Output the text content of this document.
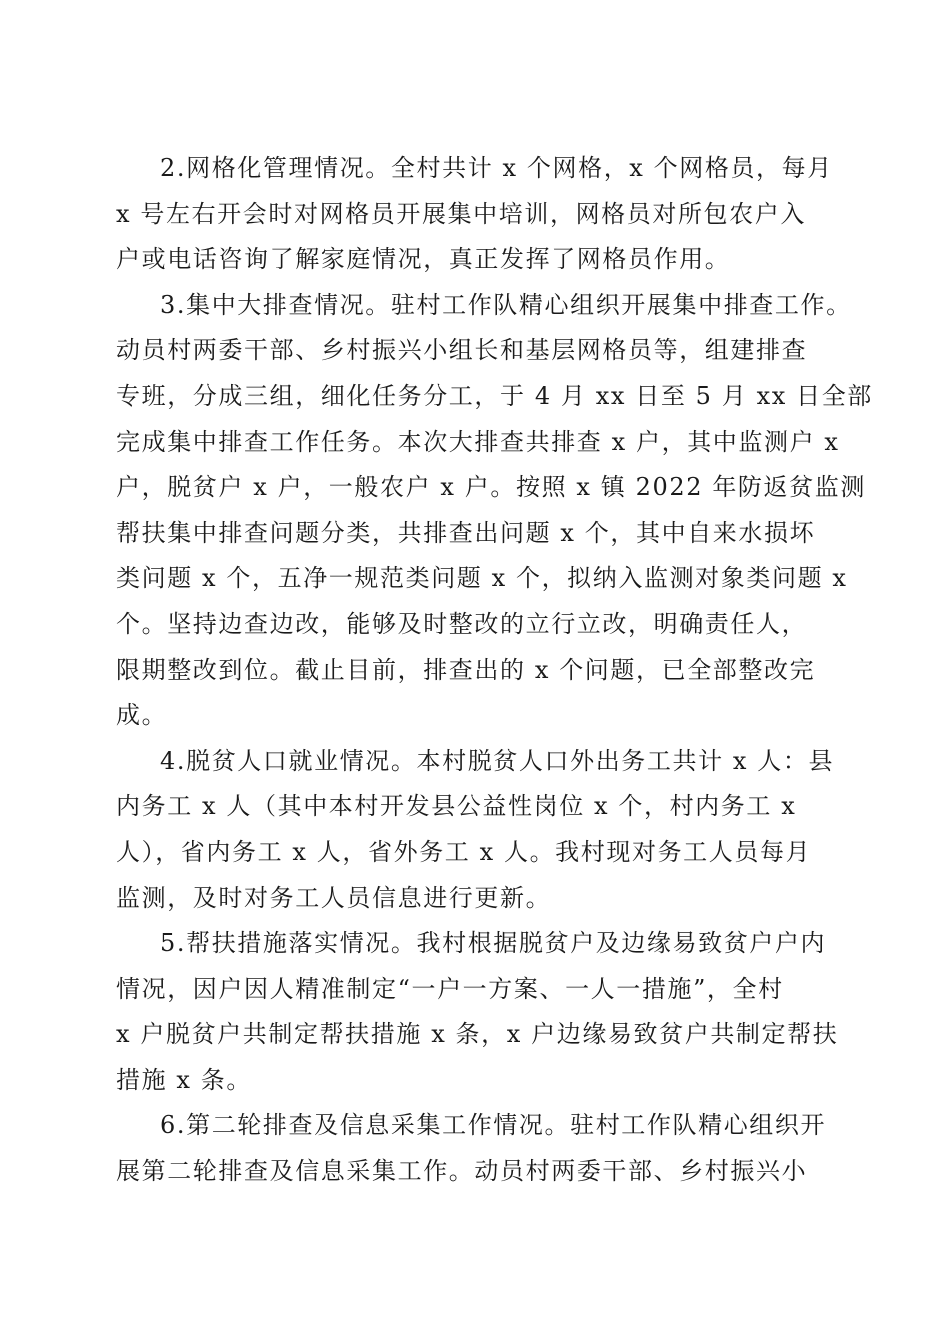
2.网格化管理情况。全村共计 x 个网格，x 个网格员，每月
x 号左右开会时对网格员开展集中培训，网格员对所包农户入
户或电话咨询了解家庭情况，真正发挥了网格员作用。

3.集中大排查情况。驻村工作队精心组织开展集中排查工作。
动员村两委干部、乡村振兴小组长和基层网格员等，组建排查
专班，分成三组，细化任务分工，于 4 月 xx 日至 5 月 xx 日全部
完成集中排查工作任务。本次大排查共排查 x 户，其中监测户 x
户，脱贫户 x 户，一般农户 x 户。按照 x 镇 2022 年防返贫监测
帮扶集中排查问题分类，共排查出问题 x 个，其中自来水损坏
类问题 x 个，五净一规范类问题 x 个，拟纳入监测对象类问题 x
个。坚持边查边改，能够及时整改的立行立改，明确责任人，
限期整改到位。截止目前，排查出的 x 个问题，已全部整改完
成。

4.脱贫人口就业情况。本村脱贫人口外出务工共计 x 人：县
内务工 x 人（其中本村开发县公益性岗位 x 个，村内务工 x
人），省内务工 x 人，省外务工 x 人。我村现对务工人员每月
监测，及时对务工人员信息进行更新。

5.帮扶措施落实情况。我村根据脱贫户及边缘易致贫户户内
情况，因户因人精准制定“一户一方案、一人一措施”，全村
x 户脱贫户共制定帮扶措施 x 条，x 户边缘易致贫户共制定帮扶
措施 x 条。

6.第二轮排查及信息采集工作情况。驻村工作队精心组织开
展第二轮排查及信息采集工作。动员村两委干部、乡村振兴小
